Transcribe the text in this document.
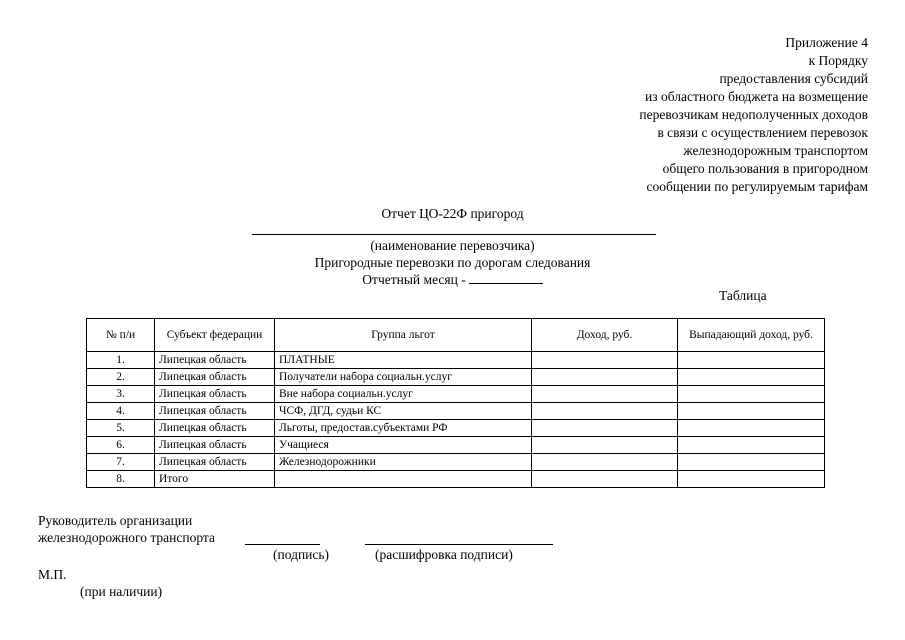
Приложение 4
к Порядку
предоставления субсидий
из областного бюджета на возмещение
перевозчикам недополученных доходов
в связи с осуществлением перевозок
железнодорожным транспортом
общего пользования в пригородном
сообщении по регулируемым тарифам
Отчет ЦО-22Ф пригород
(наименование перевозчика)
Пригородные перевозки по дорогам следования
Отчетный месяц -
Таблица
№ п/и	Субъект федерации	Группа льгот	Доход, руб.	Выпадающий доход, руб.
1.	Липецкая область	ПЛАТНЫЕ		
2.	Липецкая область	Получатели набора социальн.услуг		
3.	Липецкая область	Вне набора социальн.услуг		
4.	Липецкая область	ЧСФ, ДГД, судьи КС		
5.	Липецкая область	Льготы, предостав.субъектами РФ		
6.	Липецкая область	Учащиеся		
7.	Липецкая область	Железнодорожники		
8.	Итого			
Руководитель организации
железнодорожного транспорта
(подпись)	(расшифровка подписи)
М.П.
(при наличии)
